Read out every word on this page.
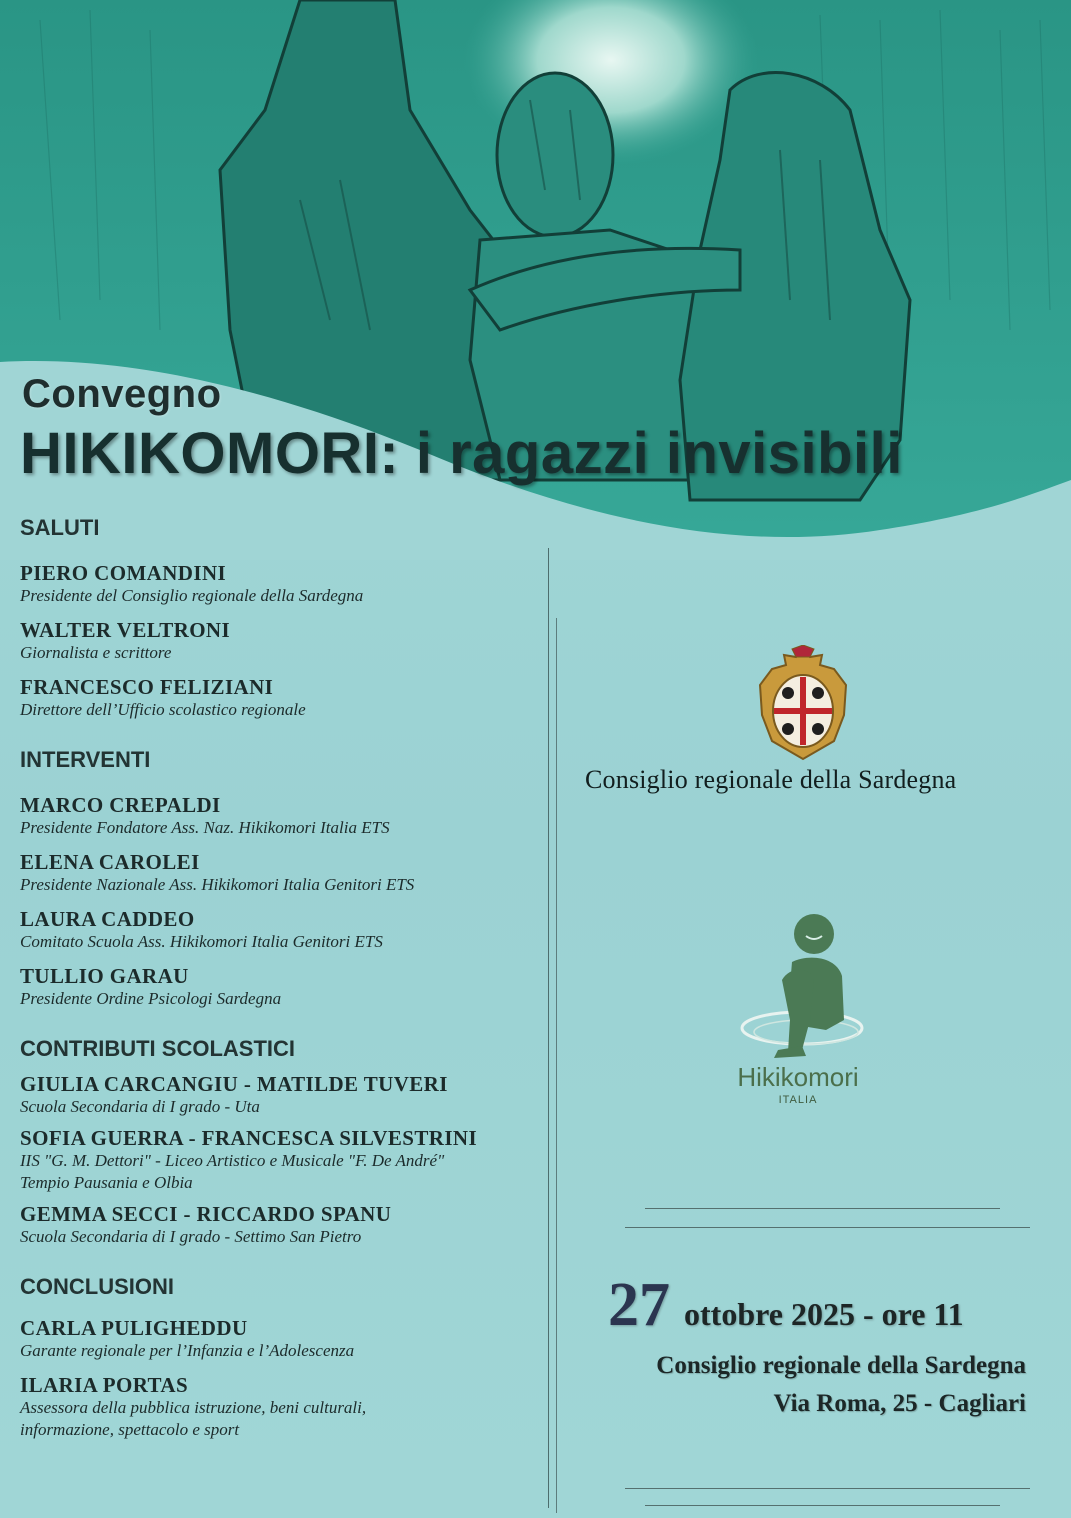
Convegno
HIKIKOMORI: i ragazzi invisibili
SALUTI
PIERO COMANDINI
Presidente del Consiglio regionale della Sardegna
WALTER VELTRONI
Giornalista e scrittore
FRANCESCO FELIZIANI
Direttore dell’Ufficio scolastico regionale
INTERVENTI
MARCO CREPALDI
Presidente Fondatore Ass. Naz. Hikikomori Italia ETS
ELENA CAROLEI
Presidente Nazionale Ass. Hikikomori Italia Genitori ETS
LAURA CADDEO
Comitato Scuola Ass. Hikikomori Italia Genitori ETS
TULLIO GARAU
Presidente Ordine Psicologi Sardegna
CONTRIBUTI SCOLASTICI
GIULIA CARCANGIU - MATILDE TUVERI
Scuola Secondaria di I grado - Uta
SOFIA GUERRA - FRANCESCA SILVESTRINI
IIS "G. M. Dettori" - Liceo Artistico e Musicale "F. De André"
Tempio Pausania e Olbia
GEMMA SECCI - RICCARDO SPANU
Scuola Secondaria di I grado - Settimo San Pietro
CONCLUSIONI
CARLA PULIGHEDDU
Garante regionale per l’Infanzia e l’Adolescenza
ILARIA PORTAS
Assessora della pubblica istruzione, beni culturali,
informazione, spettacolo e sport
Consiglio regionale della Sardegna
Hikikomori
ITALIA
27 ottobre 2025 - ore 11
Consiglio regionale della Sardegna
Via Roma, 25 - Cagliari
